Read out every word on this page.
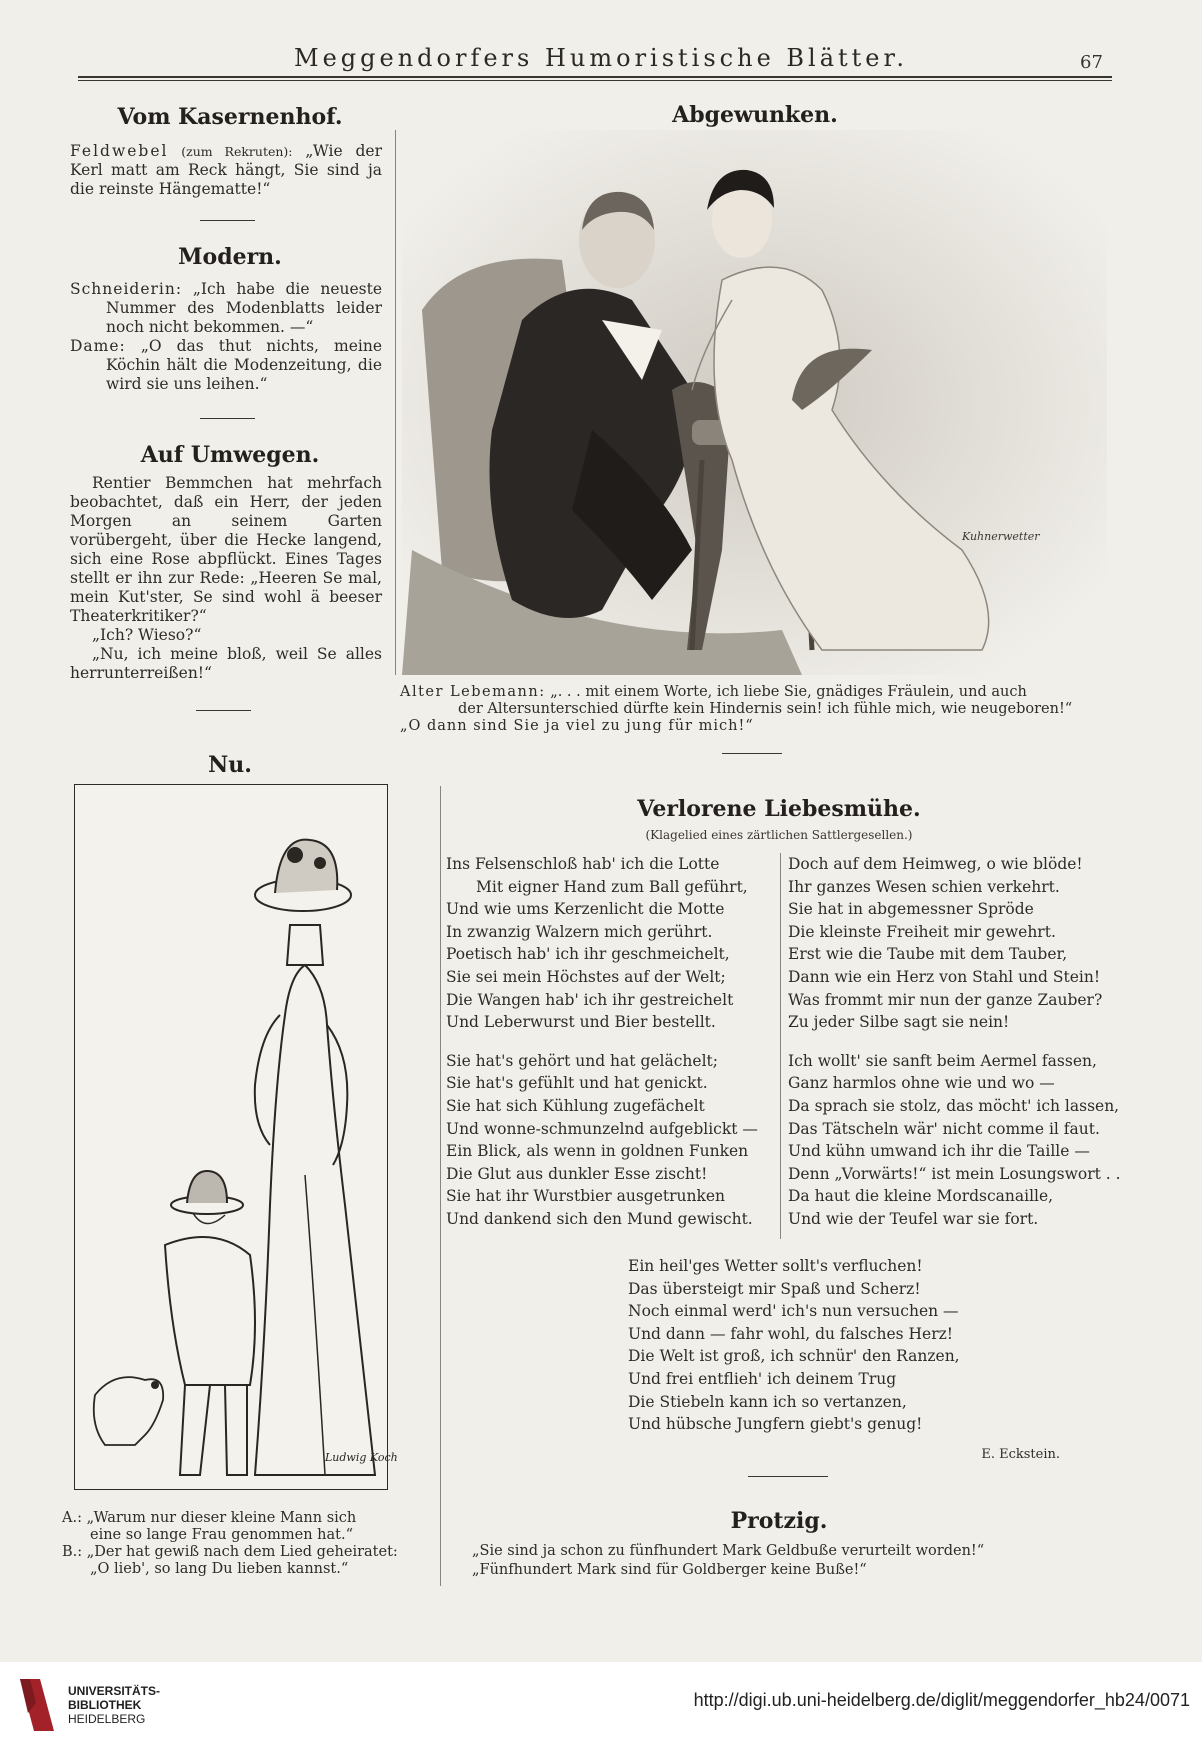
Meggendorfers Humoristische Blätter.	67
Vom Kasernenhof.
Feldwebel (zum Rekruten): „Wie der Kerl matt am Reck hängt, Sie sind ja die reinste Hängematte!“
Modern.
Schneiderin: „Ich habe die neueste Nummer des Modenblatts leider noch nicht bekommen. —“
Dame: „O das thut nichts, meine Köchin hält die Modenzeitung, die wird sie uns leihen.“
Auf Umwegen.
Rentier Bemmchen hat mehrfach beobachtet, daß ein Herr, der jeden Morgen an seinem Garten vorübergeht, über die Hecke langend, sich eine Rose abpflückt. Eines Tages stellt er ihn zur Rede: „Heeren Se mal, mein Kut'ster, Se sind wohl ä beeser Theaterkritiker?“
„Ich? Wieso?“
„Nu, ich meine bloß, weil Se alles herrunterreißen!“
Abgewunken.
Kuhnerwetter
Alter Lebemann: „. . . mit einem Worte, ich liebe Sie, gnädiges Fräulein, und auch
der Altersunterschied dürfte kein Hindernis sein! ich fühle mich, wie neugeboren!“
„O dann sind Sie ja viel zu jung für mich!“
Nu.
Ludwig Koch
A.: „Warum nur dieser kleine Mann sich
eine so lange Frau genommen hat.“
B.: „Der hat gewiß nach dem Lied geheiratet:
„O lieb', so lang Du lieben kannst.“
Verlorene Liebesmühe.
(Klagelied eines zärtlichen Sattlergesellen.)
Ins Felsenschloß hab' ich die Lotte
Mit eigner Hand zum Ball geführt,
Und wie ums Kerzenlicht die Motte
In zwanzig Walzern mich gerührt.
Poetisch hab' ich ihr geschmeichelt,
Sie sei mein Höchstes auf der Welt;
Die Wangen hab' ich ihr gestreichelt
Und Leberwurst und Bier bestellt.
Sie hat's gehört und hat gelächelt;
Sie hat's gefühlt und hat genickt.
Sie hat sich Kühlung zugefächelt
Und wonne-schmunzelnd aufgeblickt —
Ein Blick, als wenn in goldnen Funken
Die Glut aus dunkler Esse zischt!
Sie hat ihr Wurstbier ausgetrunken
Und dankend sich den Mund gewischt.
Doch auf dem Heimweg, o wie blöde!
Ihr ganzes Wesen schien verkehrt.
Sie hat in abgemessner Spröde
Die kleinste Freiheit mir gewehrt.
Erst wie die Taube mit dem Tauber,
Dann wie ein Herz von Stahl und Stein!
Was frommt mir nun der ganze Zauber?
Zu jeder Silbe sagt sie nein!
Ich wollt' sie sanft beim Aermel fassen,
Ganz harmlos ohne wie und wo —
Da sprach sie stolz, das möcht' ich lassen,
Das Tätscheln wär' nicht comme il faut.
Und kühn umwand ich ihr die Taille —
Denn „Vorwärts!“ ist mein Losungswort . .
Da haut die kleine Mordscanaille,
Und wie der Teufel war sie fort.
Ein heil'ges Wetter sollt's verfluchen!
Das übersteigt mir Spaß und Scherz!
Noch einmal werd' ich's nun versuchen —
Und dann — fahr wohl, du falsches Herz!
Die Welt ist groß, ich schnür' den Ranzen,
Und frei entflieh' ich deinem Trug
Die Stiebeln kann ich so vertanzen,
Und hübsche Jungfern giebt's genug!
E. Eckstein.
Protzig.
„Sie sind ja schon zu fünfhundert Mark Geldbuße verurteilt worden!“
„Fünfhundert Mark sind für Goldberger keine Buße!“
UNIVERSITÄTS-
BIBLIOTHEK
HEIDELBERG
http://digi.ub.uni-heidelberg.de/diglit/meggendorfer_hb24/0071
